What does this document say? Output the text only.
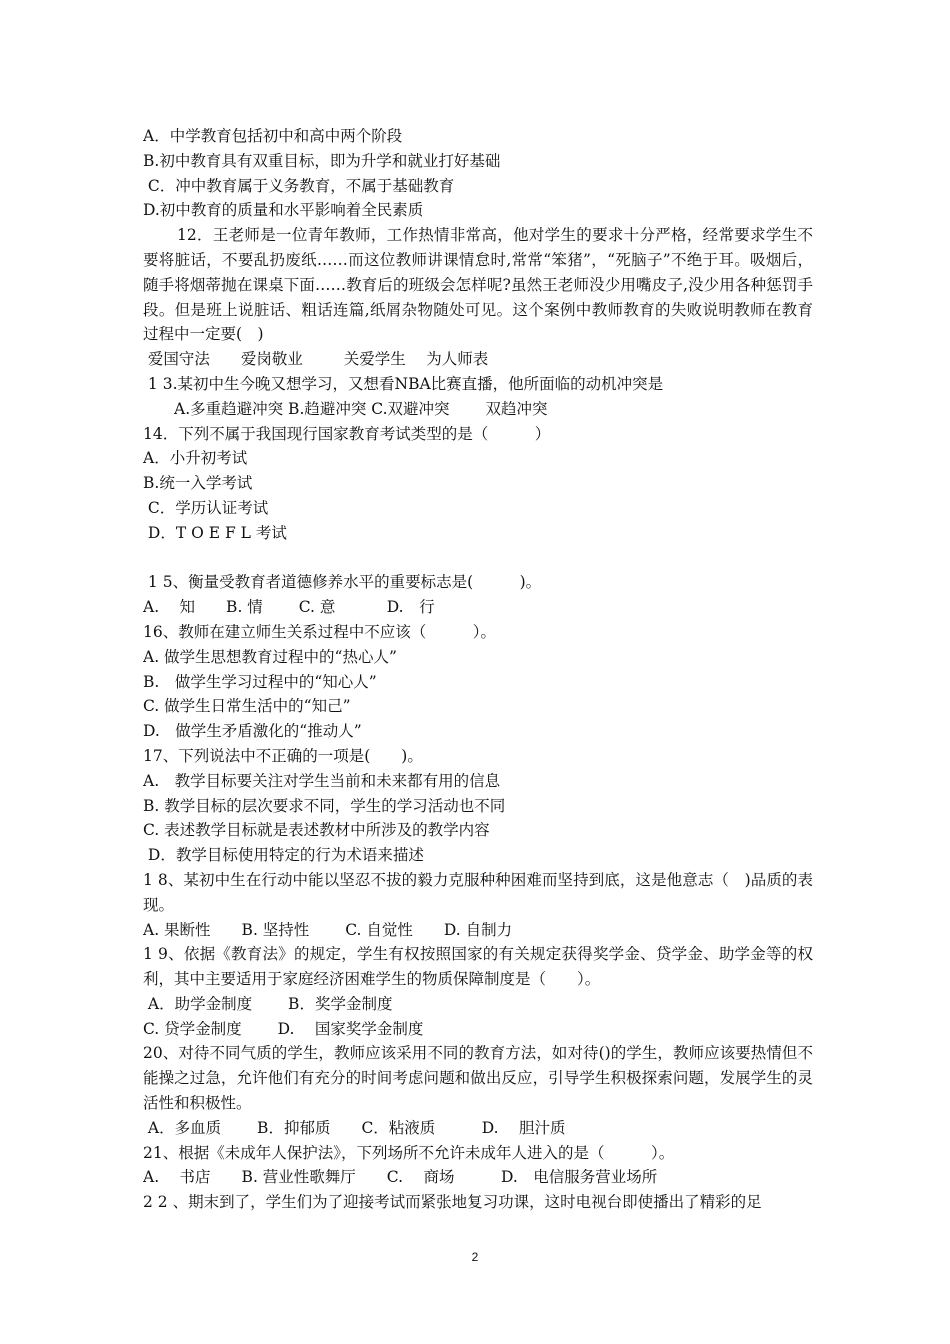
A．中学教育包括初中和高中两个阶段
B.初中教育具有双重目标，即为升学和就业打好基础
C．冲中教育属于义务教育，不属于基础教育
D.初中教育的质量和水平影响着全民素质
12．王老师是一位青年教师，工作热情非常高，他对学生的要求十分严格，经常要求学生不要将脏话，不要乱扔废纸……而这位教师讲课情怠时,常常“笨猪”，“死脑子”不绝于耳。吸烟后，随手将烟蒂抛在课桌下面……教育后的班级会怎样呢?虽然王老师没少用嘴皮子,没少用各种惩罚手段。但是班上说脏话、粗话连篇,纸屑杂物随处可见。这个案例中教师教育的失败说明教师在教育过程中一定要(　)
爱国守法　　爱岗敬业　　  关爱学生　 为人师表
1 3.某初中生今晚又想学习，又想看NBA比赛直播，他所面临的动机冲突是
　　A.多重趋避冲突 B.趋避冲突 C.双避冲突　　 双趋冲突
14．下列不属于我国现行国家教育考试类型的是（　　　）
A．小升初考试
B.统一入学考试
C．学历认证考试
D．T O E F L 考试
1 5、衡量受教育者道德修养水平的重要标志是(　　　)。
A.　 知　　B. 情　　 C. 意　　　 D.　行
16、教师在建立师生关系过程中不应该（　　　）。
A. 做学生思想教育过程中的“热心人”
B.　做学生学习过程中的“知心人”
C. 做学生日常生活中的“知己”
D.　做学生矛盾激化的“推动人”
17、下列说法中不正确的一项是(　　)。
A.　教学目标要关注对学生当前和未来都有用的信息
B. 教学目标的层次要求不同，学生的学习活动也不同
C. 表述教学目标就是表述教材中所涉及的教学内容
D．教学目标使用特定的行为术语来描述
1 8、某初中生在行动中能以坚忍不拔的毅力克服种种困难而坚持到底，这是他意志（　)品质的表现。
A. 果断性　　B. 坚持性　　 C. 自觉性　　D. 自制力
1 9、依据《教育法》的规定，学生有权按照国家的有关规定获得奖学金、贷学金、助学金等的权利，其中主要适用于家庭经济困难学生的物质保障制度是（　　）。
A．助学金制度　　 B．奖学金制度
C. 贷学金制度　　 D.　 国家奖学金制度
20、对待不同气质的学生，教师应该采用不同的教育方法，如对待()的学生，教师应该要热情但不能操之过急，允许他们有充分的时间考虑问题和做出反应，引导学生积极探索问题，发展学生的灵活性和积极性。
A．多血质　　 B．抑郁质　　C．粘液质　　　D.　 胆汁质
21、根据《未成年人保护法》，下列场所不允许未成年人进入的是（　　　）。
A.　 书店　　B. 营业性歌舞厅　　C.　 商场　　　D.　电信服务营业场所
2 2 、期末到了，学生们为了迎接考试而紧张地复习功课，这时电视台即使播出了精彩的足
2
